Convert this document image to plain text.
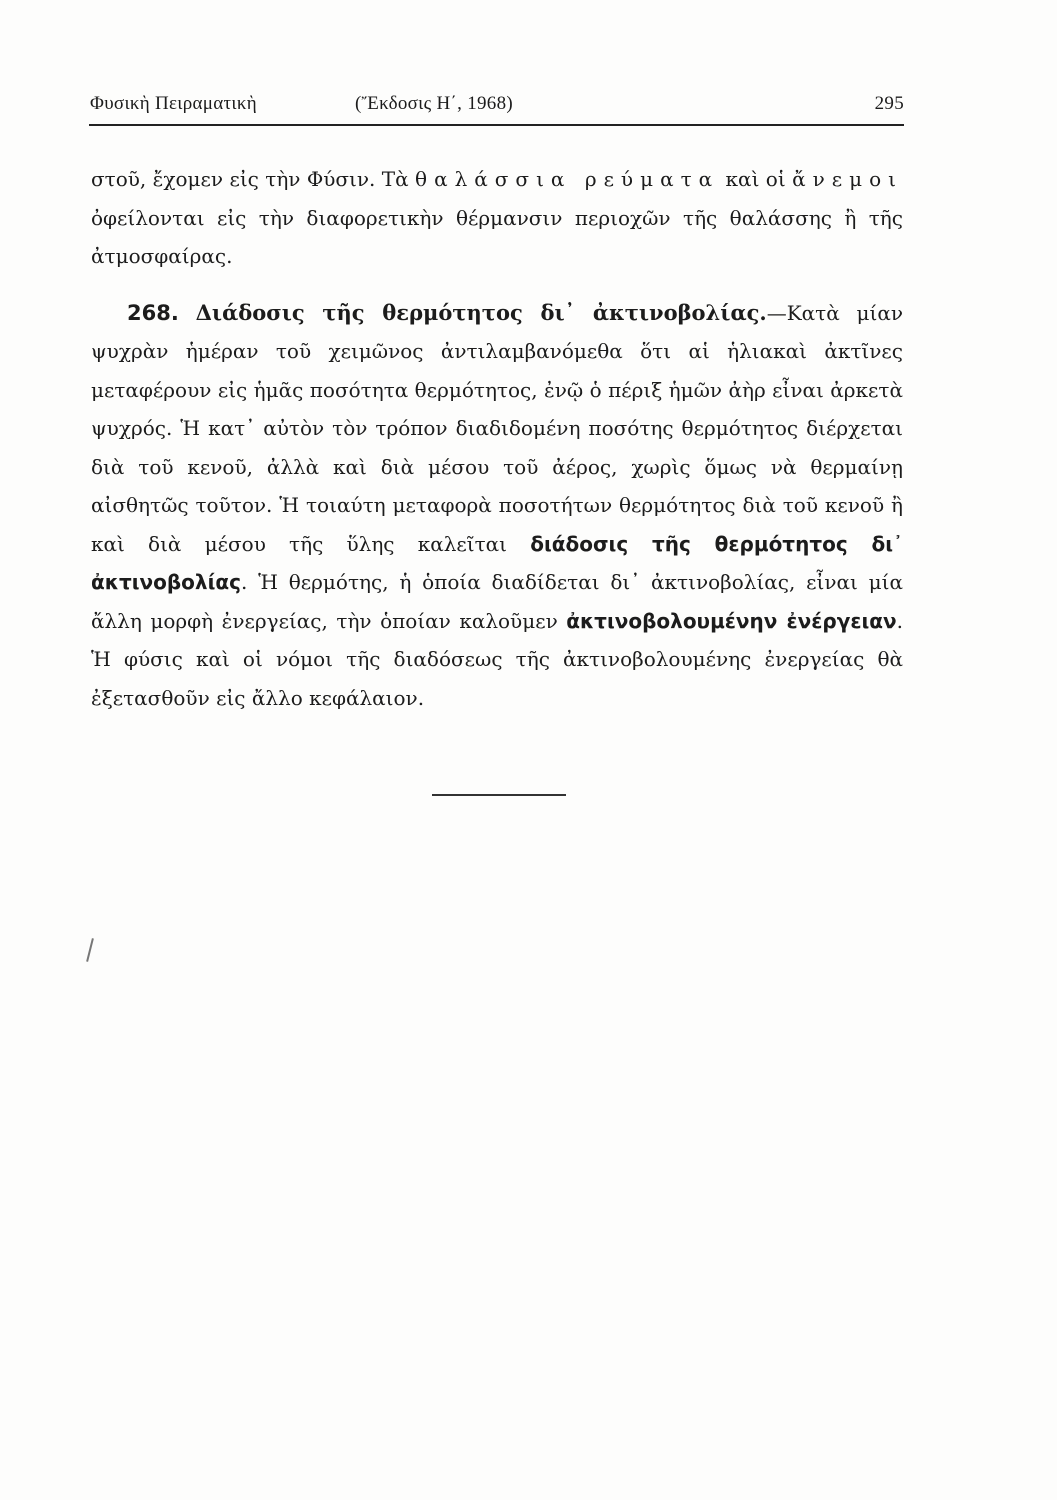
Φυσικὴ Πειραματικὴ	(Ἔκδοσις Η΄, 1968)	295

στοῦ, ἔχομεν εἰς τὴν Φύσιν. Τὰ θαλάσσια ρεύματα καὶ οἱ ἄνεμοι ὀφείλονται εἰς τὴν διαφορετικὴν θέρμανσιν περιοχῶν τῆς θαλάσσης ἢ τῆς ἀτμοσφαίρας.

268. Διάδοσις τῆς θερμότητος δι᾽ ἀκτινοβολίας.—Κατὰ μίαν ψυχρὰν ἡμέραν τοῦ χειμῶνος ἀντιλαμβανόμεθα ὅτι αἱ ἡλιακαὶ ἀκτῖνες μεταφέρουν εἰς ἡμᾶς ποσότητα θερμότητος, ἐνῷ ὁ πέριξ ἡμῶν ἀὴρ εἶναι ἀρκετὰ ψυχρός. Ἡ κατ᾽ αὐτὸν τὸν τρόπον διαδιδομένη ποσότης θερμότητος διέρχεται διὰ τοῦ κενοῦ, ἀλλὰ καὶ διὰ μέσου τοῦ ἀέρος, χωρὶς ὅμως νὰ θερμαίνῃ αἰσθητῶς τοῦτον. Ἡ τοιαύτη μεταφορὰ ποσοτήτων θερμότητος διὰ τοῦ κενοῦ ἢ καὶ διὰ μέσου τῆς ὕλης καλεῖται διάδοσις τῆς θερμότητος δι᾽ ἀκτινοβολίας. Ἡ θερμότης, ἡ ὁποία διαδίδεται δι᾽ ἀκτινοβολίας, εἶναι μία ἄλλη μορφὴ ἐνεργείας, τὴν ὁποίαν καλοῦμεν ἀκτινοβολουμένην ἐνέργειαν. Ἡ φύσις καὶ οἱ νόμοι τῆς διαδόσεως τῆς ἀκτινοβολουμένης ἐνεργείας θὰ ἐξετασθοῦν εἰς ἄλλο κεφάλαιον.
